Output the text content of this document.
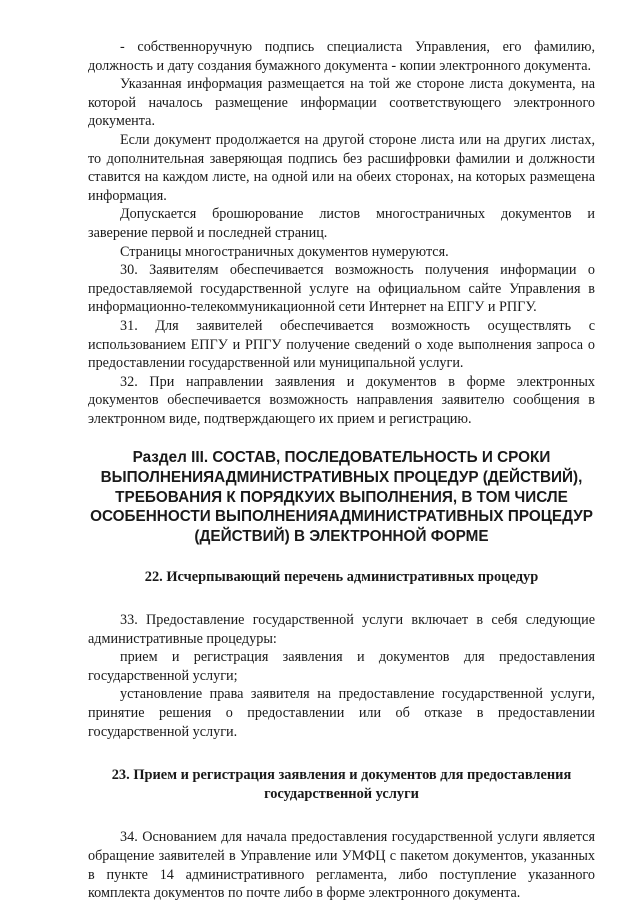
- собственноручную подпись специалиста Управления, его фамилию, должность и дату создания бумажного документа - копии электронного документа.

Указанная информация размещается на той же стороне листа документа, на которой началось размещение информации соответствующего электронного документа.

Если документ продолжается на другой стороне листа или на других листах, то дополнительная заверяющая подпись без расшифровки фамилии и должности ставится на каждом листе, на одной или на обеих сторонах, на которых размещена информация.

Допускается брошюрование листов многостраничных документов и заверение первой и последней страниц.

Страницы многостраничных документов нумеруются.

30. Заявителям обеспечивается возможность получения информации о предоставляемой государственной услуге на официальном сайте Управления в информационно-телекоммуникационной сети Интернет на ЕПГУ и РПГУ.

31. Для заявителей обеспечивается возможность осуществлять с использованием ЕПГУ и РПГУ получение сведений о ходе выполнения запроса о предоставлении государственной или муниципальной услуги.

32. При направлении заявления и документов в форме электронных документов обеспечивается возможность направления заявителю сообщения в электронном виде, подтверждающего их прием и регистрацию.

Раздел III. СОСТАВ, ПОСЛЕДОВАТЕЛЬНОСТЬ И СРОКИ ВЫПОЛНЕНИЯАДМИНИСТРАТИВНЫХ ПРОЦЕДУР (ДЕЙСТВИЙ), ТРЕБОВАНИЯ К ПОРЯДКУИХ ВЫПОЛНЕНИЯ, В ТОМ ЧИСЛЕ ОСОБЕННОСТИ ВЫПОЛНЕНИЯАДМИНИСТРАТИВНЫХ ПРОЦЕДУР (ДЕЙСТВИЙ) В ЭЛЕКТРОННОЙ ФОРМЕ
22. Исчерпывающий перечень административных процедур

33. Предоставление государственной услуги включает в себя следующие административные процедуры:

прием и регистрация заявления и документов для предоставления государственной услуги;

установление права заявителя на предоставление государственной услуги, принятие решения о предоставлении или об отказе в предоставлении государственной услуги.

23. Прием и регистрация заявления и документов для предоставления государственной услуги

34. Основанием для начала предоставления государственной услуги является обращение заявителей в Управление или УМФЦ с пакетом документов, указанных в пункте 14 административного регламента, либо поступление указанного комплекта документов по почте либо в форме электронного документа.
